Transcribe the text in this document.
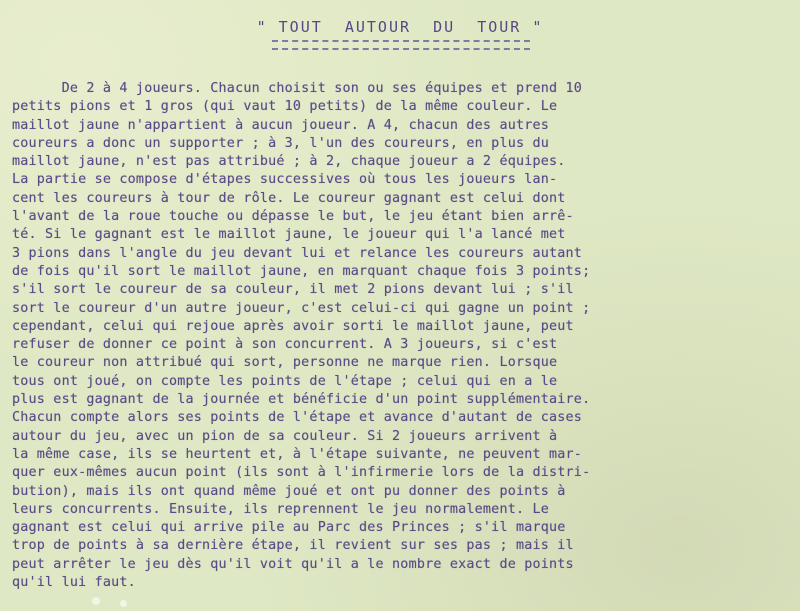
" TOUT  AUTOUR  DU  TOUR "
De 2 à 4 joueurs. Chacun choisit son ou ses équipes et prend 10
petits pions et 1 gros (qui vaut 10 petits) de la même couleur. Le
maillot jaune n'appartient à aucun joueur. A 4, chacun des autres
coureurs a donc un supporter ; à 3, l'un des coureurs, en plus du
maillot jaune, n'est pas attribué ; à 2, chaque joueur a 2 équipes.
La partie se compose d'étapes successives où tous les joueurs lan-
cent les coureurs à tour de rôle. Le coureur gagnant est celui dont
l'avant de la roue touche ou dépasse le but, le jeu étant bien arrê-
té. Si le gagnant est le maillot jaune, le joueur qui l'a lancé met
3 pions dans l'angle du jeu devant lui et relance les coureurs autant
de fois qu'il sort le maillot jaune, en marquant chaque fois 3 points;
s'il sort le coureur de sa couleur, il met 2 pions devant lui ; s'il
sort le coureur d'un autre joueur, c'est celui-ci qui gagne un point ;
cependant, celui qui rejoue après avoir sorti le maillot jaune, peut
refuser de donner ce point à son concurrent. A 3 joueurs, si c'est
le coureur non attribué qui sort, personne ne marque rien. Lorsque
tous ont joué, on compte les points de l'étape ; celui qui en a le
plus est gagnant de la journée et bénéficie d'un point supplémentaire.
Chacun compte alors ses points de l'étape et avance d'autant de cases
autour du jeu, avec un pion de sa couleur. Si 2 joueurs arrivent à
la même case, ils se heurtent et, à l'étape suivante, ne peuvent mar-
quer eux-mêmes aucun point (ils sont à l'infirmerie lors de la distri-
bution), mais ils ont quand même joué et ont pu donner des points à
leurs concurrents. Ensuite, ils reprennent le jeu normalement. Le
gagnant est celui qui arrive pile au Parc des Princes ; s'il marque
trop de points à sa dernière étape, il revient sur ses pas ; mais il
peut arrêter le jeu dès qu'il voit qu'il a le nombre exact de points
qu'il lui faut.
